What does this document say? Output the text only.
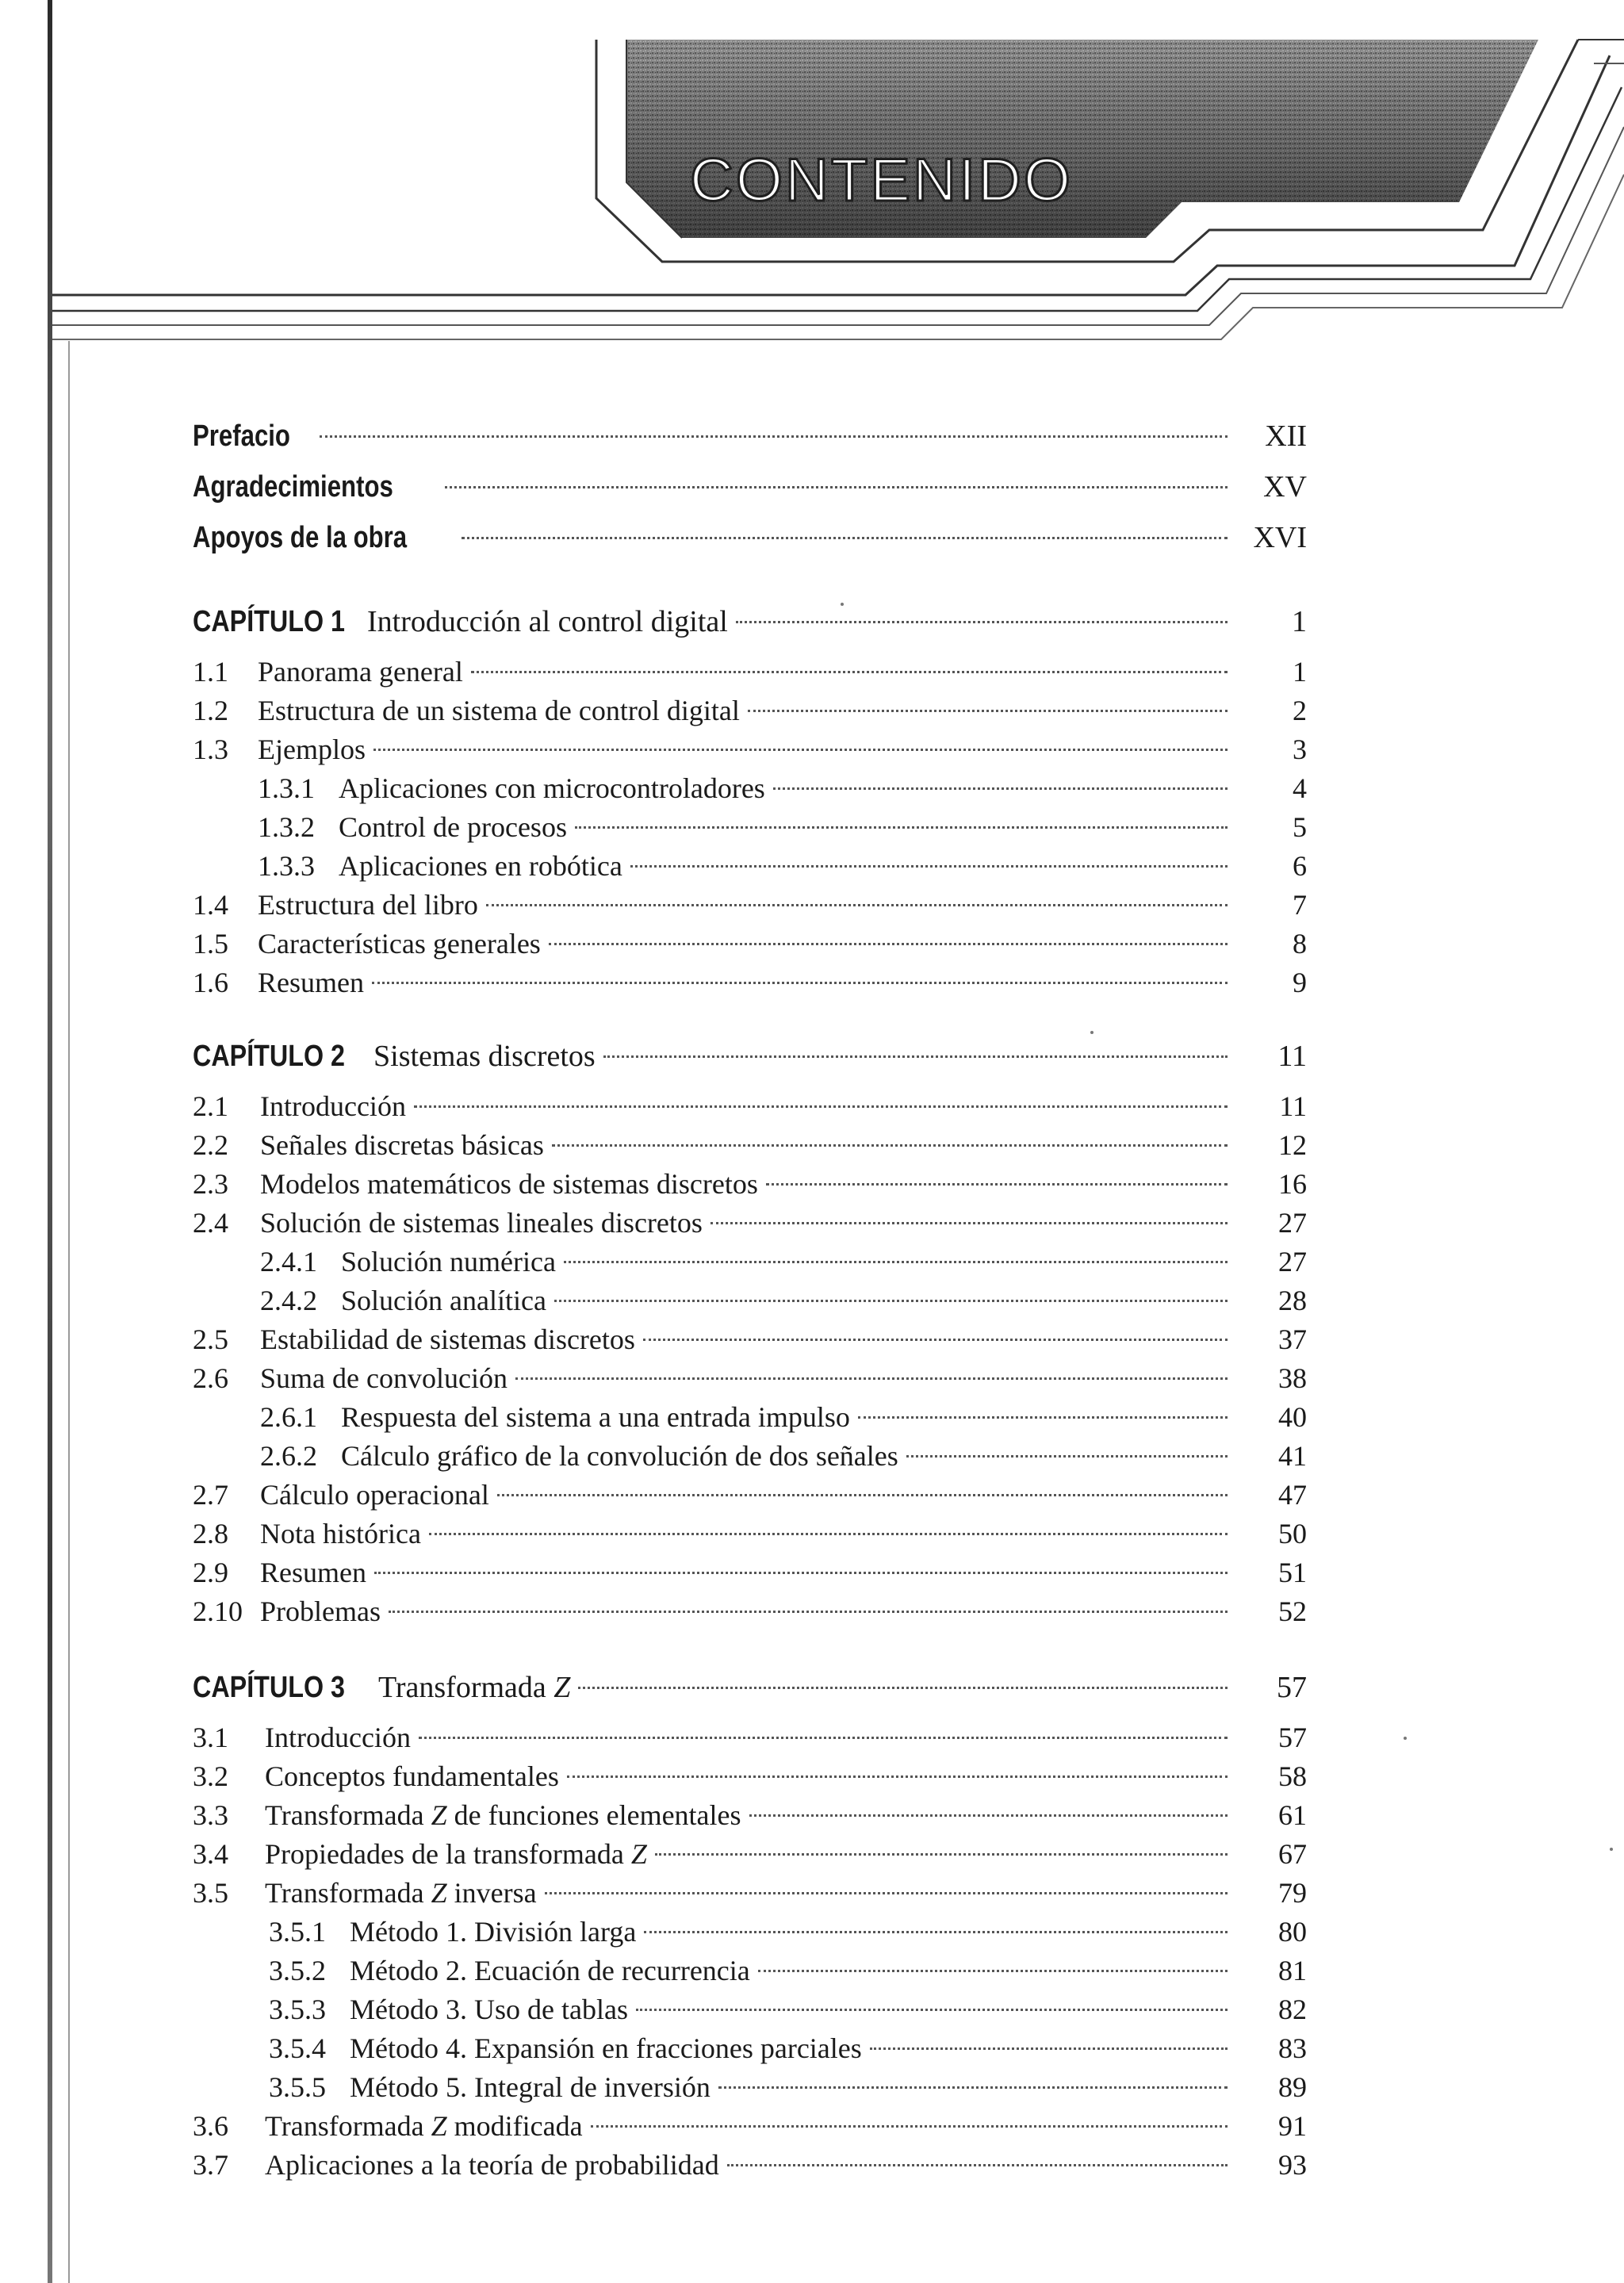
CONTENIDO
Prefacio	XII
Agradecimientos	XV
Apoyos de la obra	XVI
CAPÍTULO 1 Introducción al control digital	1
1.1	Panorama general	1
1.2	Estructura de un sistema de control digital	2
1.3	Ejemplos	3
1.3.1 Aplicaciones con microcontroladores	4
1.3.2 Control de procesos	5
1.3.3 Aplicaciones en robótica	6
1.4	Estructura del libro	7
1.5	Características generales	8
1.6	Resumen	9
CAPÍTULO 2 Sistemas discretos	11
2.1	Introducción	11
2.2	Señales discretas básicas	12
2.3	Modelos matemáticos de sistemas discretos	16
2.4	Solución de sistemas lineales discretos	27
2.4.1 Solución numérica	27
2.4.2 Solución analítica	28
2.5	Estabilidad de sistemas discretos	37
2.6	Suma de convolución	38
2.6.1 Respuesta del sistema a una entrada impulso	40
2.6.2 Cálculo gráfico de la convolución de dos señales	41
2.7	Cálculo operacional	47
2.8	Nota histórica	50
2.9	Resumen	51
2.10 Problemas	52
CAPÍTULO 3 Transformada Z	57
3.1	Introducción	57
3.2	Conceptos fundamentales	58
3.3	Transformada Z de funciones elementales	61
3.4	Propiedades de la transformada Z	67
3.5	Transformada Z inversa	79
3.5.1 Método 1. División larga	80
3.5.2 Método 2. Ecuación de recurrencia	81
3.5.3 Método 3. Uso de tablas	82
3.5.4 Método 4. Expansión en fracciones parciales	83
3.5.5 Método 5. Integral de inversión	89
3.6	Transformada Z modificada	91
3.7	Aplicaciones a la teoría de probabilidad	93
